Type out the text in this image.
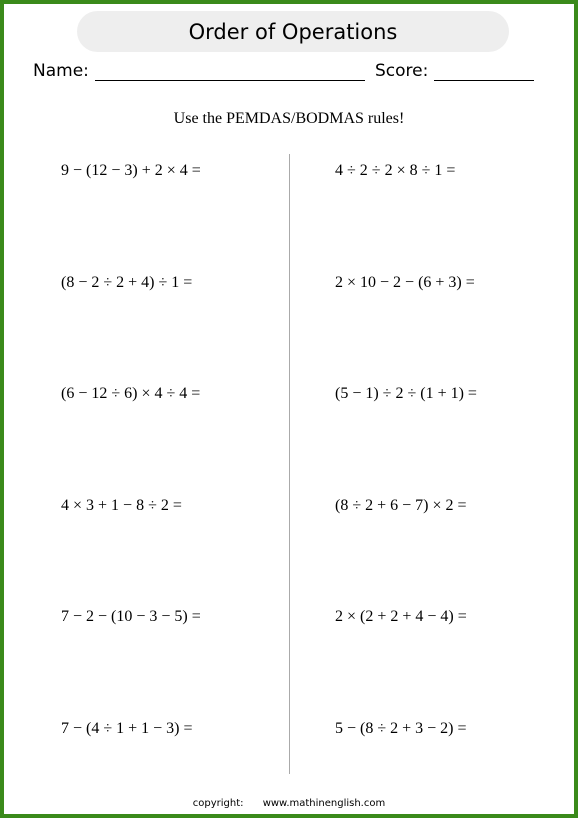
Order of Operations
Name:	Score:
Use the PEMDAS/BODMAS rules!
9 − (12 − 3) + 2 × 4 =
(8 − 2 ÷ 2 + 4) ÷ 1 =
(6 − 12 ÷ 6) × 4 ÷ 4 =
4 × 3 + 1 − 8 ÷ 2 =
7 − 2 − (10 − 3 − 5) =
7 − (4 ÷ 1 + 1 − 3) =
4 ÷ 2 ÷ 2 × 8 ÷ 1 =
2 × 10 − 2 − (6 + 3) =
(5 − 1) ÷ 2 ÷ (1 + 1) =
(8 ÷ 2 + 6 − 7) × 2 =
2 × (2 + 2 + 4 − 4) =
5 − (8 ÷ 2 + 3 − 2) =
copyright: www.mathinenglish.com
